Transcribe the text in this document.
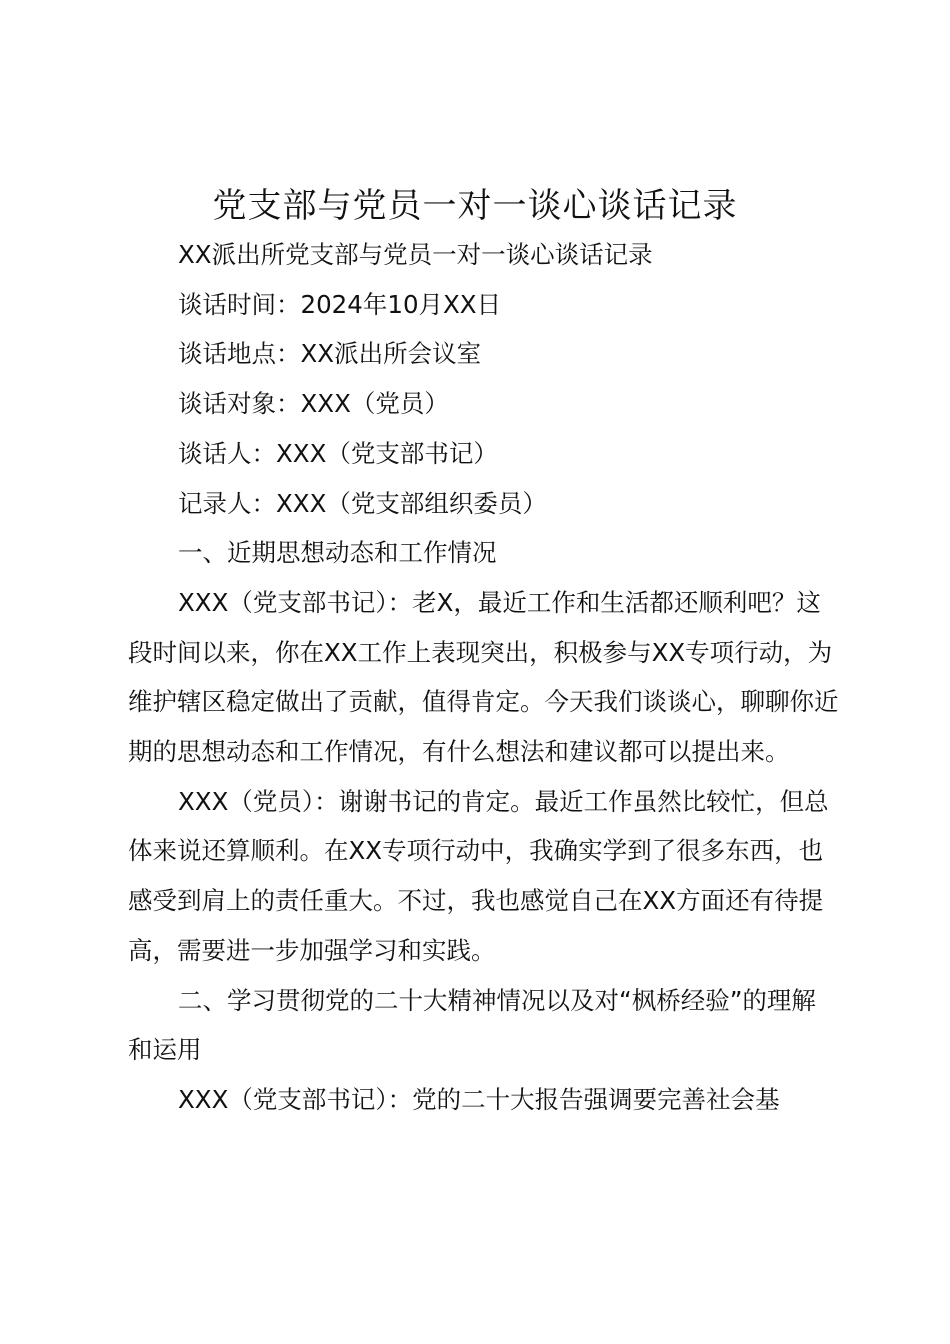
党支部与党员一对一谈心谈话记录

XX派出所党支部与党员一对一谈心谈话记录

谈话时间：2024年10月XX日

谈话地点：XX派出所会议室

谈话对象：XXX（党员）

谈话人：XXX（党支部书记）

记录人：XXX（党支部组织委员）

一、近期思想动态和工作情况

XXX（党支部书记）：老X，最近工作和生活都还顺利吧？这段时间以来，你在XX工作上表现突出，积极参与XX专项行动，为维护辖区稳定做出了贡献，值得肯定。今天我们谈谈心，聊聊你近期的思想动态和工作情况，有什么想法和建议都可以提出来。

XXX（党员）：谢谢书记的肯定。最近工作虽然比较忙，但总体来说还算顺利。在XX专项行动中，我确实学到了很多东西，也感受到肩上的责任重大。不过，我也感觉自己在XX方面还有待提高，需要进一步加强学习和实践。

二、学习贯彻党的二十大精神情况以及对“枫桥经验”的理解和运用

XXX（党支部书记）：党的二十大报告强调要完善社会基
